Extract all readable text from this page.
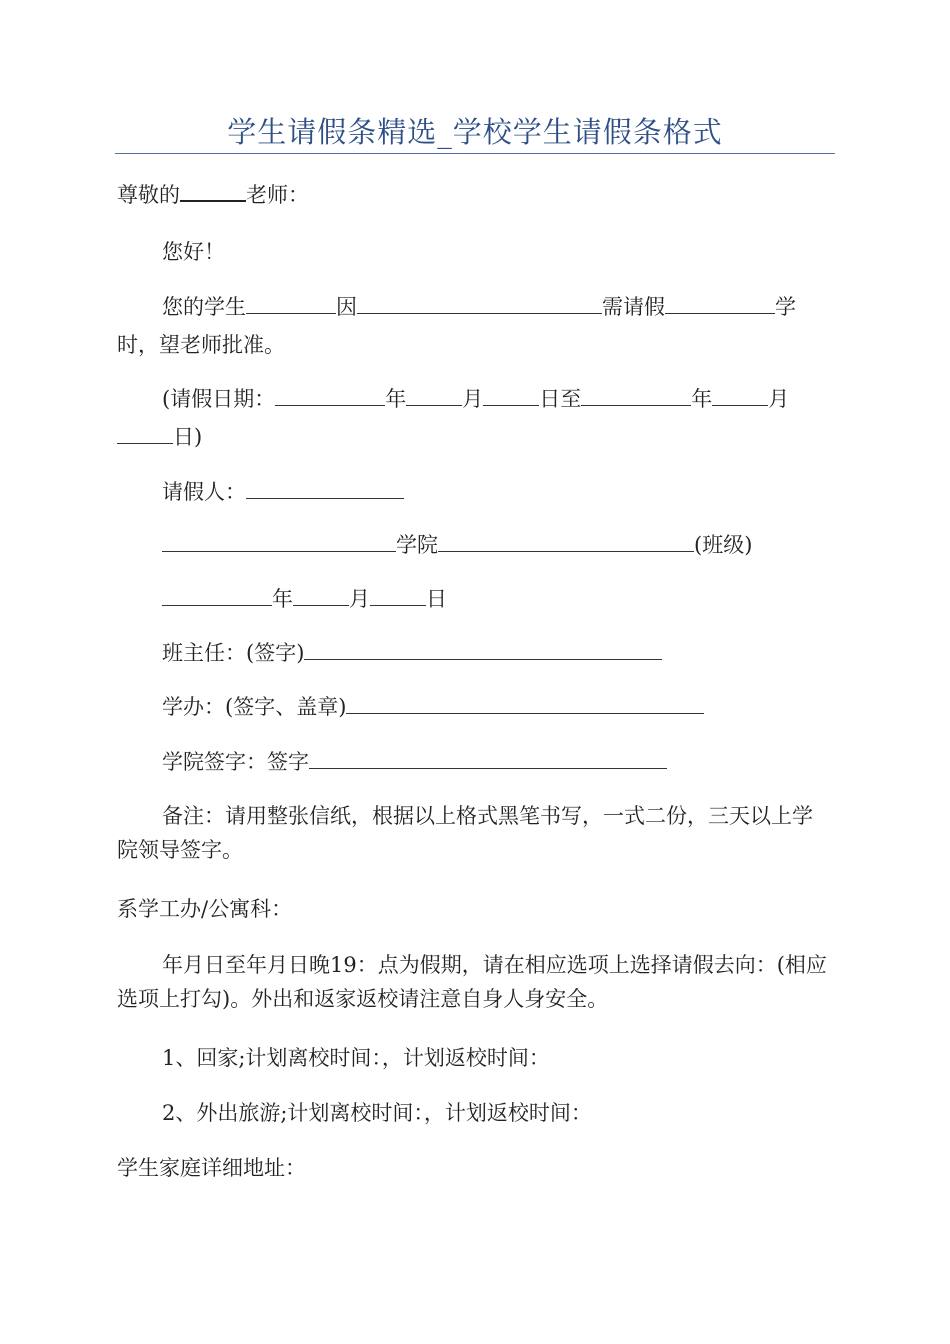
学生请假条精选_学校学生请假条格式
尊敬的	老师：
您好！
您的学生	因	需请假	学
时，望老师批准。
(请假日期：	年	月	日至	年	月
日)
请假人：
学院	(班级)
年	月	日
班主任：(签字)
学办：(签字、盖章)
学院签字：签字
备注：请用整张信纸，根据以上格式黑笔书写，一式二份，三天以上学院领导签字。
系学工办/公寓科：
年月日至年月日晚19：点为假期，请在相应选项上选择请假去向：(相应选项上打勾)。外出和返家返校请注意自身人身安全。
1、回家;计划离校时间：，计划返校时间：
2、外出旅游;计划离校时间：，计划返校时间：
学生家庭详细地址：
